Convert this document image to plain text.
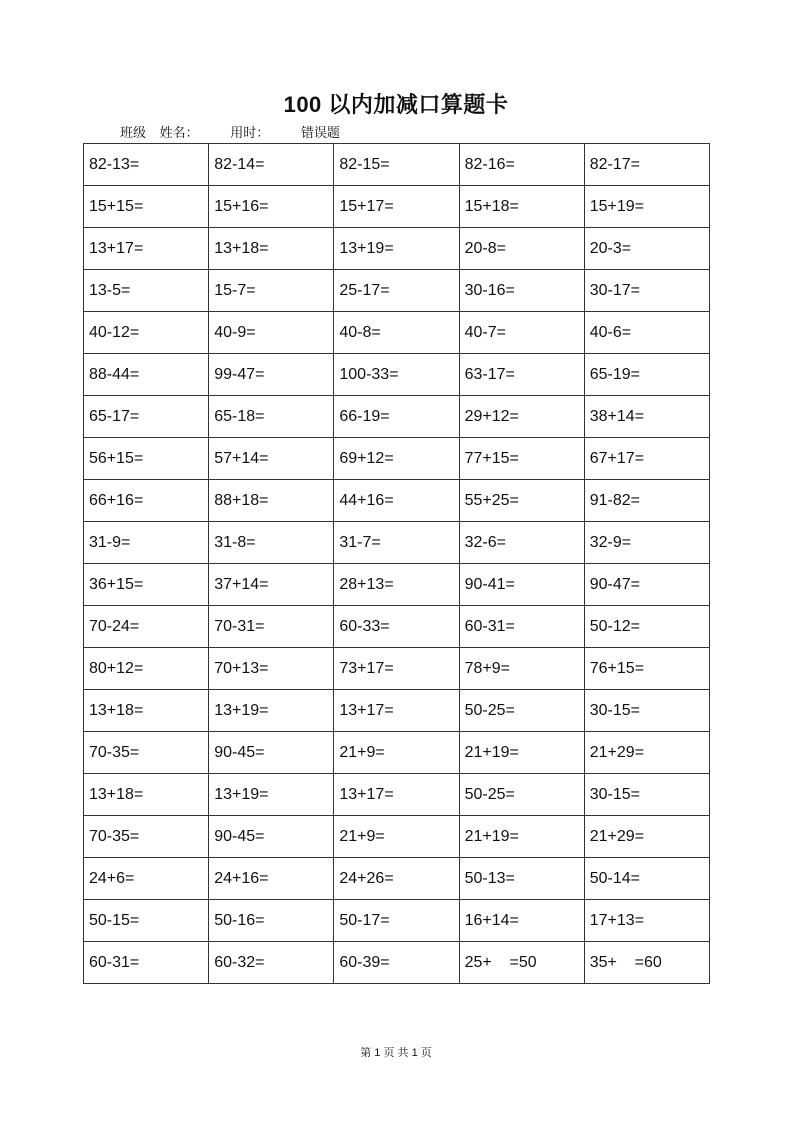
100 以内加减口算题卡
班级 姓名： 用时： 错误题
82-13=	82-14=	82-15=	82-16=	82-17=
15+15=	15+16=	15+17=	15+18=	15+19=
13+17=	13+18=	13+19=	20-8=	20-3=
13-5=	15-7=	25-17=	30-16=	30-17=
40-12=	40-9=	40-8=	40-7=	40-6=
88-44=	99-47=	100-33=	63-17=	65-19=
65-17=	65-18=	66-19=	29+12=	38+14=
56+15=	57+14=	69+12=	77+15=	67+17=
66+16=	88+18=	44+16=	55+25=	91-82=
31-9=	31-8=	31-7=	32-6=	32-9=
36+15=	37+14=	28+13=	90-41=	90-47=
70-24=	70-31=	60-33=	60-31=	50-12=
80+12=	70+13=	73+17=	78+9=	76+15=
13+18=	13+19=	13+17=	50-25=	30-15=
70-35=	90-45=	21+9=	21+19=	21+29=
13+18=	13+19=	13+17=	50-25=	30-15=
70-35=	90-45=	21+9=	21+19=	21+29=
24+6=	24+16=	24+26=	50-13=	50-14=
50-15=	50-16=	50-17=	16+14=	17+13=
60-31=	60-32=	60-39=	25+    =50	35+    =60
第 1 页 共 1 页
